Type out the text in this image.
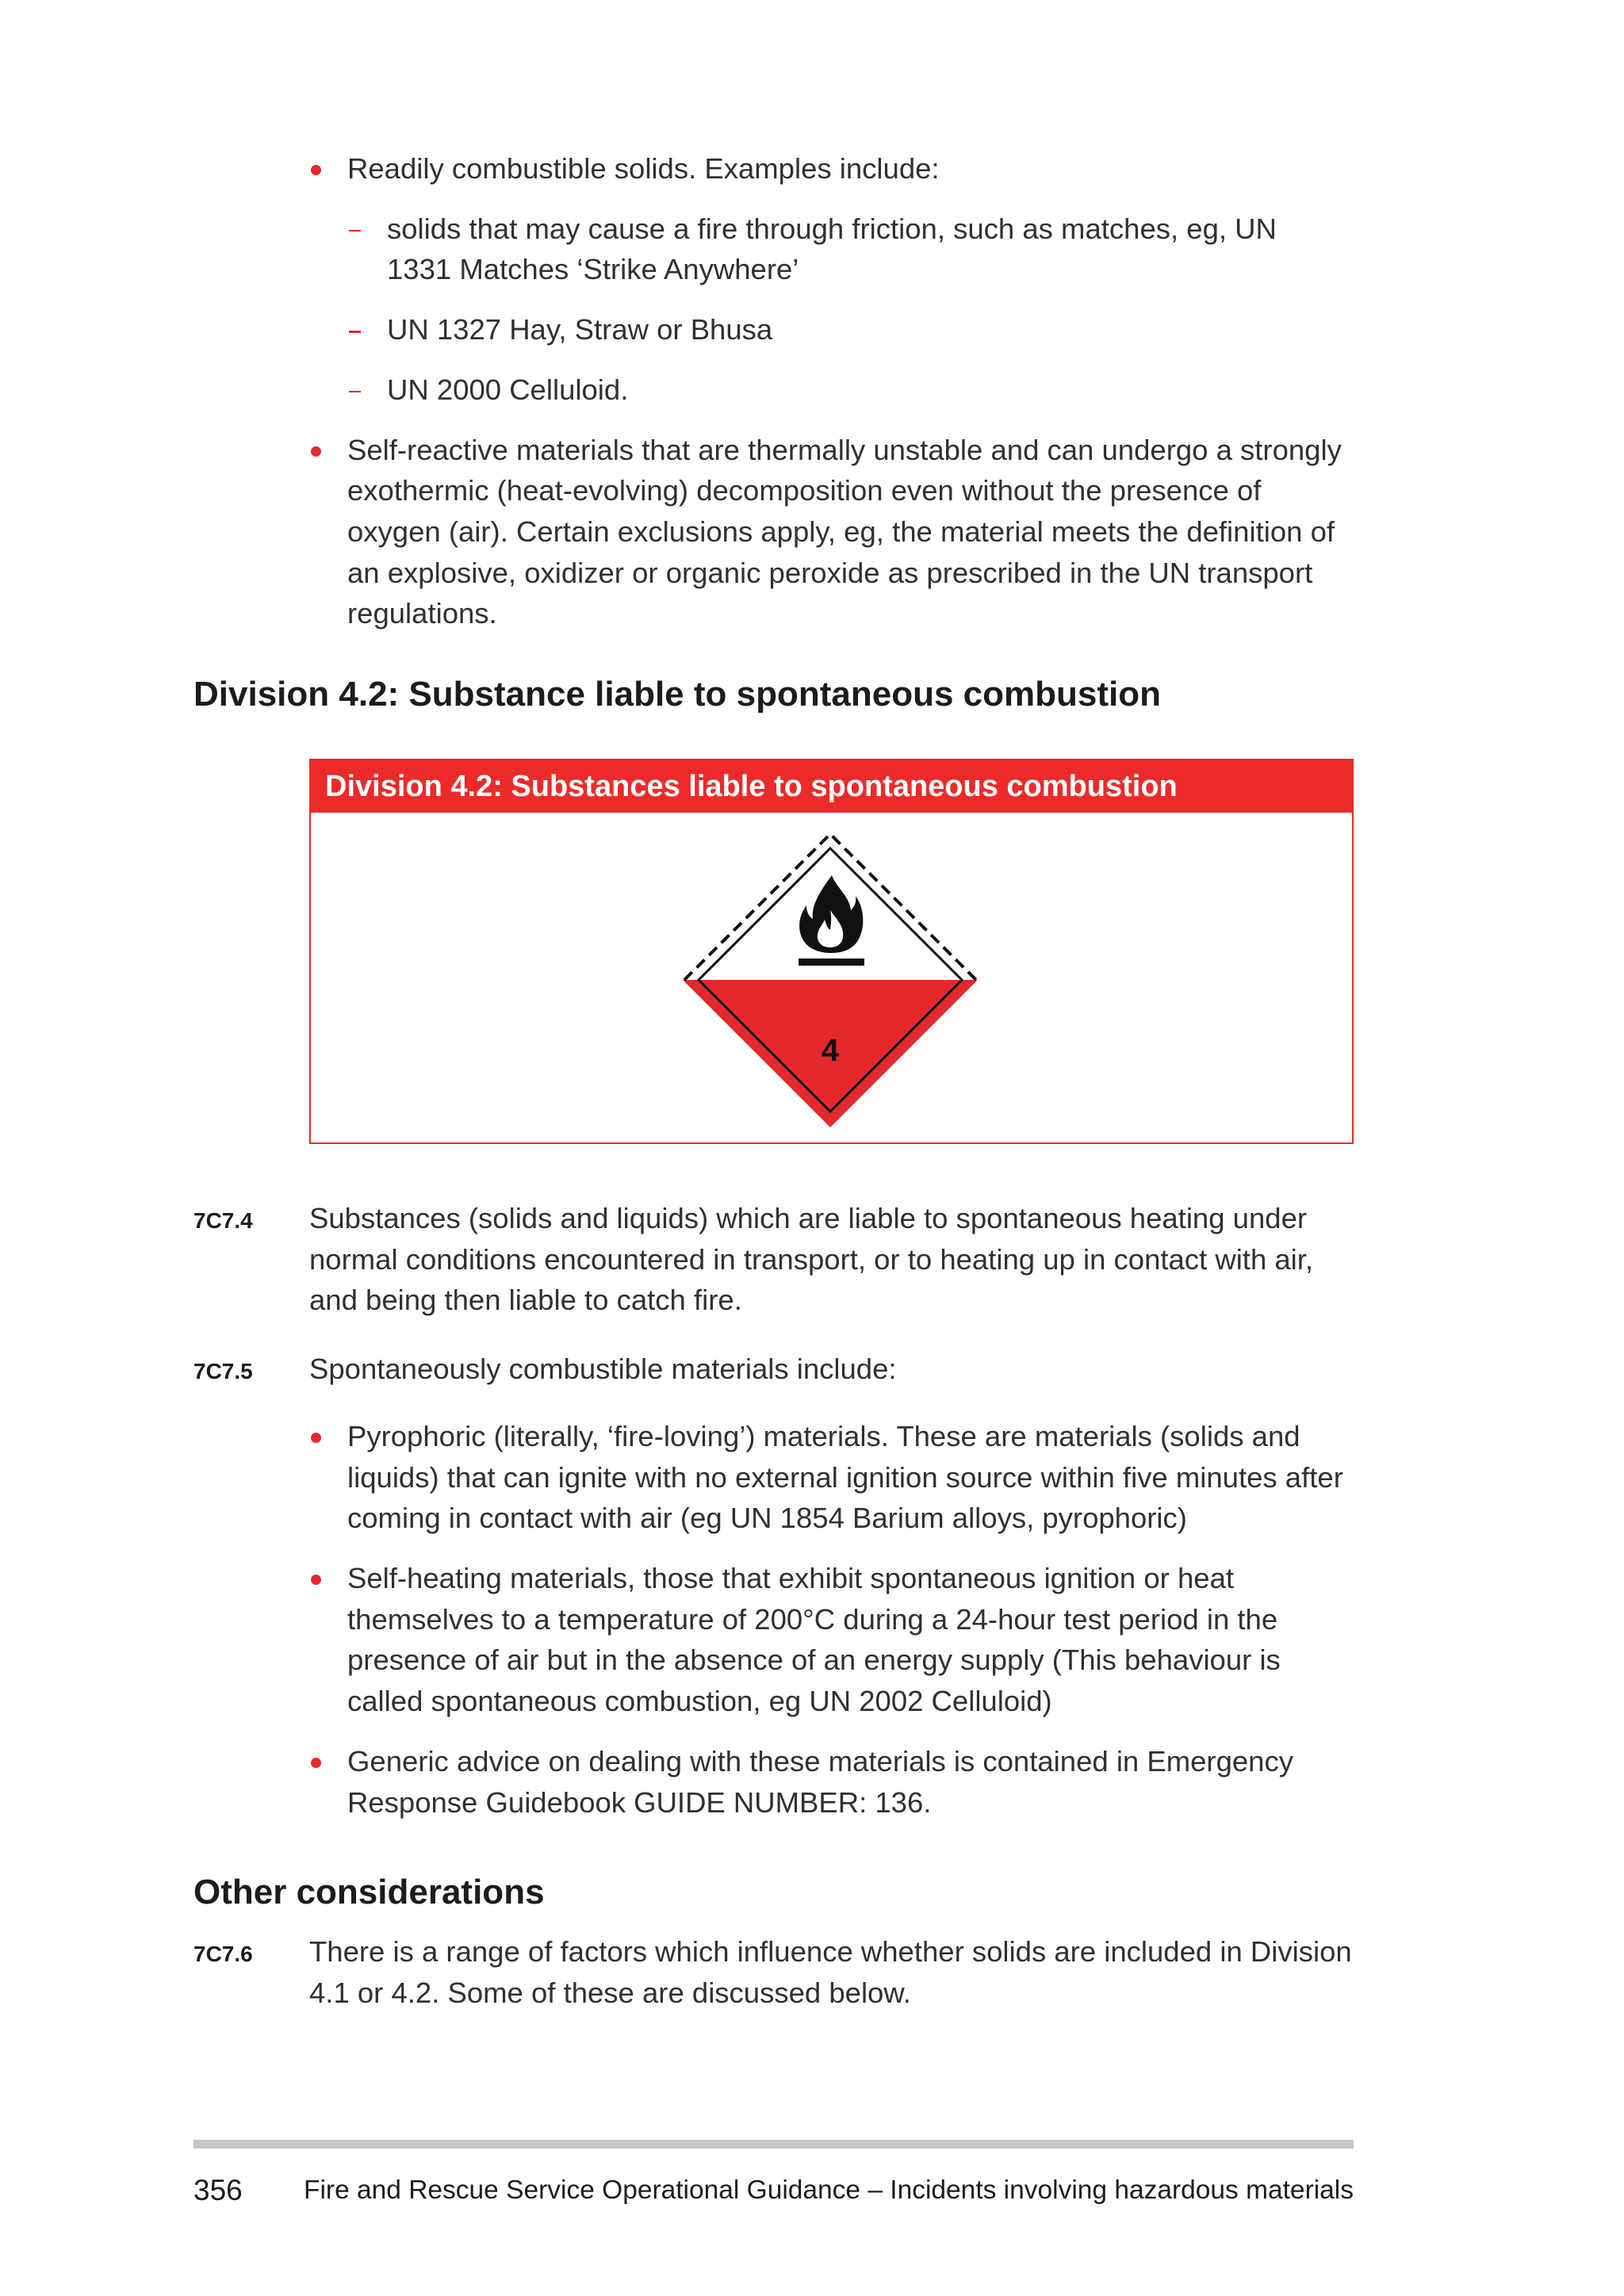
Readily combustible solids. Examples include:
solids that may cause a fire through friction, such as matches, eg, UN
1331 Matches ‘Strike Anywhere’
UN 1327 Hay, Straw or Bhusa
UN 2000 Celluloid.
Self-reactive materials that are thermally unstable and can undergo a strongly
exothermic (heat-evolving) decomposition even without the presence of
oxygen (air). Certain exclusions apply, eg, the material meets the definition of
an explosive, oxidizer or organic peroxide as prescribed in the UN transport
regulations.
Division 4.2: Substance liable to spontaneous combustion
Division 4.2: Substances liable to spontaneous combustion
4
7C7.4 Substances (solids and liquids) which are liable to spontaneous heating under
normal conditions encountered in transport, or to heating up in contact with air,
and being then liable to catch fire.
7C7.5 Spontaneously combustible materials include:
Pyrophoric (literally, ‘fire-loving’) materials. These are materials (solids and
liquids) that can ignite with no external ignition source within five minutes after
coming in contact with air (eg UN 1854 Barium alloys, pyrophoric)
Self-heating materials, those that exhibit spontaneous ignition or heat
themselves to a temperature of 200°C during a 24-hour test period in the
presence of air but in the absence of an energy supply (This behaviour is
called spontaneous combustion, eg UN 2002 Celluloid)
Generic advice on dealing with these materials is contained in Emergency
Response Guidebook GUIDE NUMBER: 136.
Other considerations
7C7.6 There is a range of factors which influence whether solids are included in Division
4.1 or 4.2. Some of these are discussed below.
356 Fire and Rescue Service Operational Guidance – Incidents involving hazardous materials
